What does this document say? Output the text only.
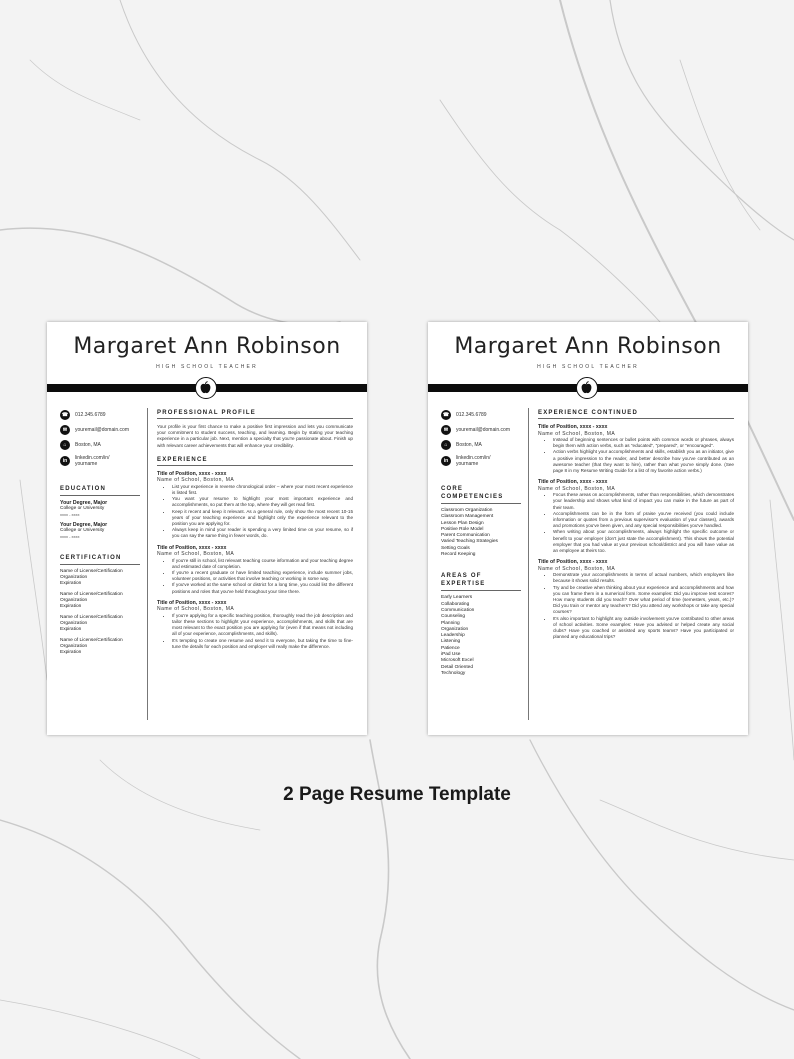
Margaret Ann Robinson
HIGH SCHOOL TEACHER
☎	012.345.6789
✉	youremail@domain.com
⌂	Boston, MA
in	linkedin.com/in/
yourname
EDUCATION
Your Degree, Major
College or University
xxxx - xxxx
Your Degree, Major
College or University
xxxx - xxxx
CERTIFICATION
Name of License/Certification
Organization
Expiration
Name of License/Certification
Organization
Expiration
Name of License/Certification
Organization
Expiration
Name of License/Certification
Organization
Expiration
PROFESSIONAL PROFILE
Your profile is your first chance to make a positive first impression and lets you communicate your commitment to student success, teaching, and learning. Begin by stating your teaching experience in a particular job. Next, mention a specialty that you're passionate about. Finish up with relevant career achievements that will enhance your credibility.
EXPERIENCE
Title of Position, xxxx - xxxx
Name of School, Boston, MA
• List your experience in reverse chronological order – where your most recent experience is listed first.
• You want your resume to highlight your most important experience and accomplishments, so put them at the top, where they will get read first.
• Keep it recent and keep it relevant. As a general rule, only show the most recent 10-15 years of your teaching experience and highlight only the experience relevant to the position you are applying for.
• Always keep in mind your reader is spending a very limited time on your resume, so if you can say the same thing in fewer words, do.
Title of Position, xxxx - xxxx
Name of School, Boston, MA
• If you're still in school, list relevant teaching course information and your teaching degree and estimated date of completion.
• If you're a recent graduate or have limited teaching experience, include summer jobs, volunteer positions, or activities that involve teaching or working in some way.
• If you've worked at the same school or district for a long time, you could list the different positions and roles that you've held throughout your time there.
Title of Position, xxxx - xxxx
Name of School, Boston, MA
• If you're applying for a specific teaching position, thoroughly read the job description and tailor these sections to highlight your experience, accomplishments, and skills that are most relevant to the exact position you are applying for (even if that means not including all of your experience, accomplishments, and skills).
• It's tempting to create one resume and send it to everyone, but taking the time to fine-tune the details for each position and employer will really make the difference.
Margaret Ann Robinson
HIGH SCHOOL TEACHER
☎	012.345.6789
✉	youremail@domain.com
⌂	Boston, MA
in	linkedin.com/in/
yourname
CORE
COMPETENCIES
Classroom Organization
Classroom Management
Lesson Plan Design
Positive Role Model
Parent Communication
Varied Teaching Strategies
Setting Goals
Record Keeping
AREAS OF EXPERTISE
Early Learners
Collaborating
Communication
Counseling
Planning
Organization
Leadership
Listening
Patience
iPad Use
Microsoft Excel
Detail Oriented
Technology
EXPERIENCE CONTINUED
Title of Position, xxxx - xxxx
Name of School, Boston, MA
• Instead of beginning sentences or bullet points with common words or phrases, always begin them with action verbs, such as "educated", "prepared", or "encouraged".
• Action verbs highlight your accomplishments and skills, establish you as an initiator, give a positive impression to the reader, and better describe how you've contributed as an awesome teacher (that they want to hire), rather than what you've simply done. (See page 8 in my Resume Writing Guide for a list of my favorite action verbs.)
Title of Position, xxxx - xxxx
Name of School, Boston, MA
• Focus these areas on accomplishments, rather than responsibilities, which demonstrates your leadership and shows what kind of impact you can make in the future as part of their team.
• Accomplishments can be in the form of praise you've received (you could include information or quotes from a previous supervisor's evaluation of your classes), awards and promotions you've been given, and any special responsibilities you've handled.
• When writing about your accomplishments, always highlight the specific outcome or benefit to your employer (don't just state the accomplishment). This shows the potential employer that you had value at your previous school/district and you will have value as an employee at theirs too.
Title of Position, xxxx - xxxx
Name of School, Boston, MA
• Demonstrate your accomplishments in terms of actual numbers, which employers like because it shows solid results.
• Try and be creative when thinking about your experience and accomplishments and how you can frame them in a numerical form. Some examples: Did you improve test scores? How many students did you teach? Over what period of time (semesters, years, etc.)? Did you train or mentor any teachers? Did you attend any workshops or take any special courses?
• It's also important to highlight any outside involvement you've contributed to other areas of school activities. Some examples: Have you advised or helped create any social clubs? Have you coached or assisted any sports teams? Have you participated or planned any educational trips?
2 Page Resume Template
